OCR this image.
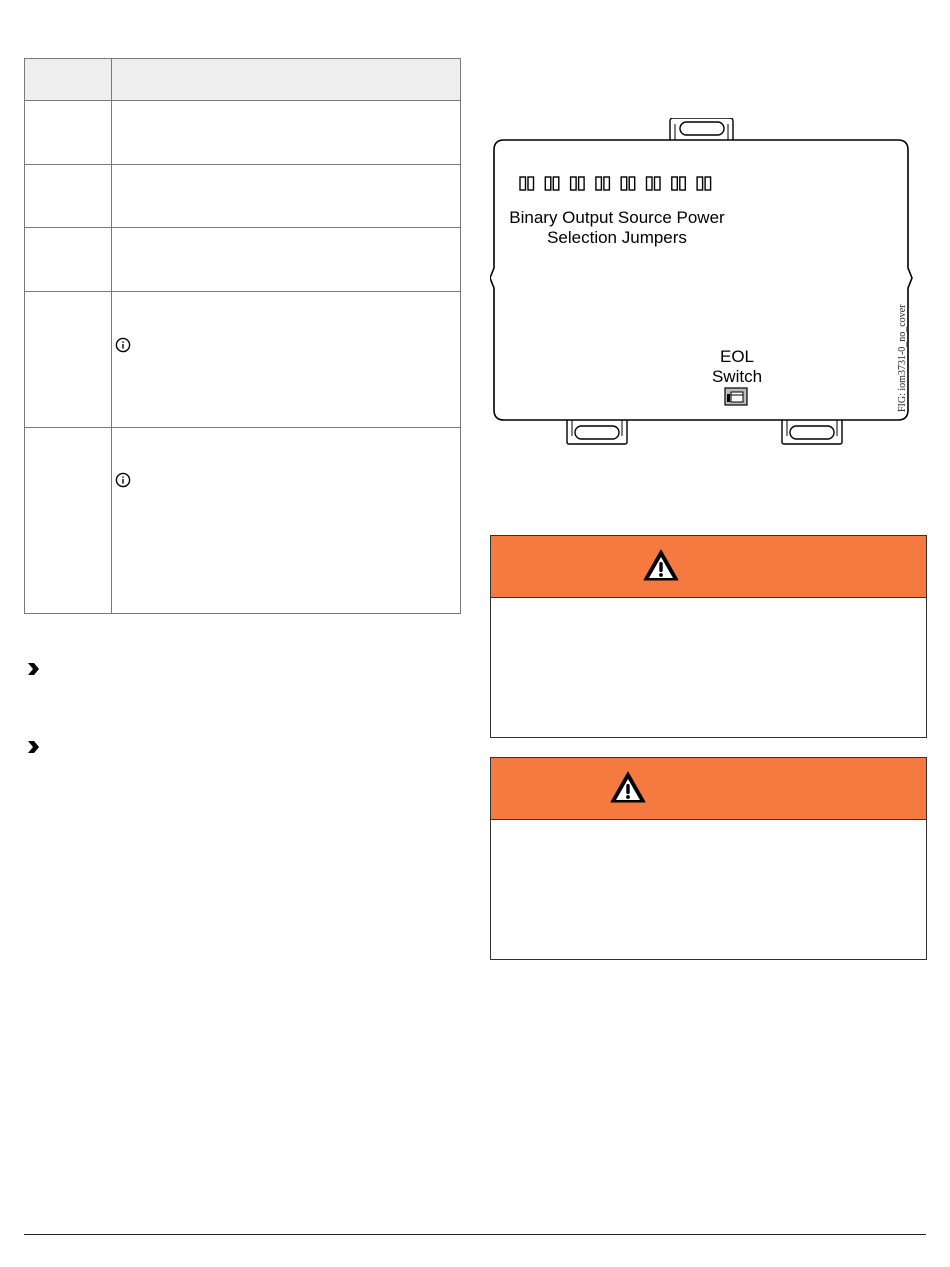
Binary Output Source Power
Selection Jumpers
EOL
Switch	FIG: iom3731-0_no_cover
